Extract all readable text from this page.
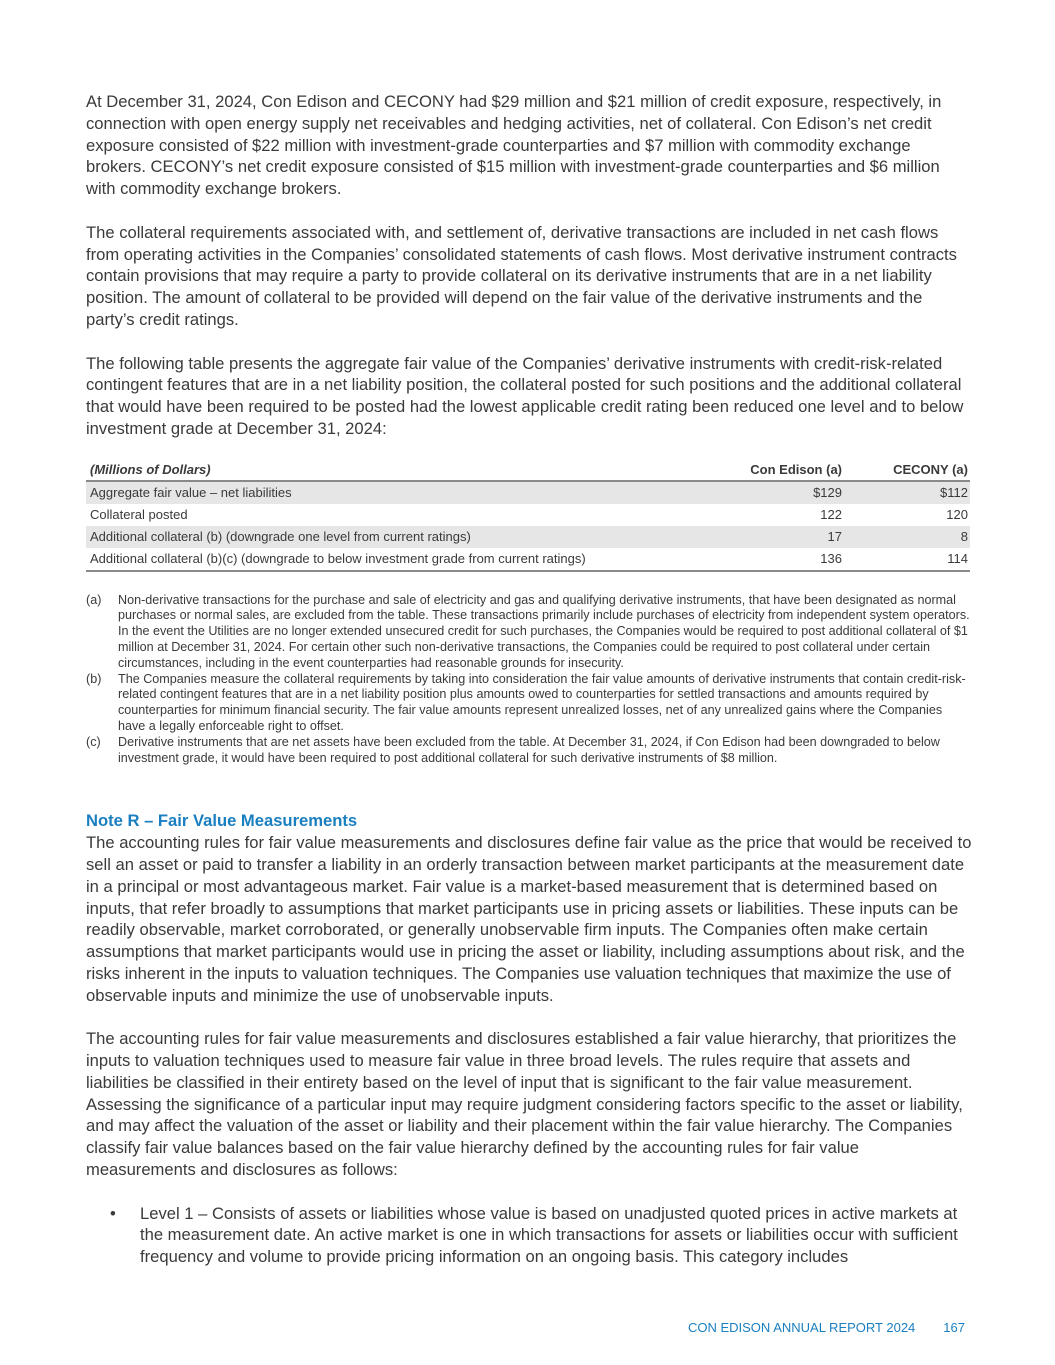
At December 31, 2024, Con Edison and CECONY had $29 million and $21 million of credit exposure, respectively, in connection with open energy supply net receivables and hedging activities, net of collateral. Con Edison’s net credit exposure consisted of $22 million with investment-grade counterparties and $7 million with commodity exchange brokers. CECONY’s net credit exposure consisted of $15 million with investment-grade counterparties and $6 million with commodity exchange brokers.

The collateral requirements associated with, and settlement of, derivative transactions are included in net cash flows from operating activities in the Companies’ consolidated statements of cash flows. Most derivative instrument contracts contain provisions that may require a party to provide collateral on its derivative instruments that are in a net liability position. The amount of collateral to be provided will depend on the fair value of the derivative instruments and the party’s credit ratings.

The following table presents the aggregate fair value of the Companies’ derivative instruments with credit-risk-related contingent features that are in a net liability position, the collateral posted for such positions and the additional collateral that would have been required to be posted had the lowest applicable credit rating been reduced one level and to below investment grade at December 31, 2024:

(Millions of Dollars)	Con Edison (a)	CECONY (a)
Aggregate fair value – net liabilities	$129	$112
Collateral posted	122	120
Additional collateral (b) (downgrade one level from current ratings)	17	8
Additional collateral (b)(c) (downgrade to below investment grade from current ratings)	136	114
(a)	Non-derivative transactions for the purchase and sale of electricity and gas and qualifying derivative instruments, that have been designated as normal purchases or normal sales, are excluded from the table. These transactions primarily include purchases of electricity from independent system operators. In the event the Utilities are no longer extended unsecured credit for such purchases, the Companies would be required to post additional collateral of $1 million at December 31, 2024. For certain other such non-derivative transactions, the Companies could be required to post collateral under certain circumstances, including in the event counterparties had reasonable grounds for insecurity.
(b)	The Companies measure the collateral requirements by taking into consideration the fair value amounts of derivative instruments that contain credit-risk-related contingent features that are in a net liability position plus amounts owed to counterparties for settled transactions and amounts required by counterparties for minimum financial security. The fair value amounts represent unrealized losses, net of any unrealized gains where the Companies have a legally enforceable right to offset.
(c)	Derivative instruments that are net assets have been excluded from the table. At December 31, 2024, if Con Edison had been downgraded to below investment grade, it would have been required to post additional collateral for such derivative instruments of $8 million.
Note R – Fair Value Measurements

The accounting rules for fair value measurements and disclosures define fair value as the price that would be received to sell an asset or paid to transfer a liability in an orderly transaction between market participants at the measurement date in a principal or most advantageous market. Fair value is a market-based measurement that is determined based on inputs, that refer broadly to assumptions that market participants use in pricing assets or liabilities. These inputs can be readily observable, market corroborated, or generally unobservable firm inputs. The Companies often make certain assumptions that market participants would use in pricing the asset or liability, including assumptions about risk, and the risks inherent in the inputs to valuation techniques. The Companies use valuation techniques that maximize the use of observable inputs and minimize the use of unobservable inputs.

The accounting rules for fair value measurements and disclosures established a fair value hierarchy, that prioritizes the inputs to valuation techniques used to measure fair value in three broad levels. The rules require that assets and liabilities be classified in their entirety based on the level of input that is significant to the fair value measurement. Assessing the significance of a particular input may require judgment considering factors specific to the asset or liability, and may affect the valuation of the asset or liability and their placement within the fair value hierarchy. The Companies classify fair value balances based on the fair value hierarchy defined by the accounting rules for fair value measurements and disclosures as follows:

•	Level 1 – Consists of assets or liabilities whose value is based on unadjusted quoted prices in active markets at the measurement date. An active market is one in which transactions for assets or liabilities occur with sufficient frequency and volume to provide pricing information on an ongoing basis. This category includes
CON EDISON ANNUAL REPORT 2024 167
